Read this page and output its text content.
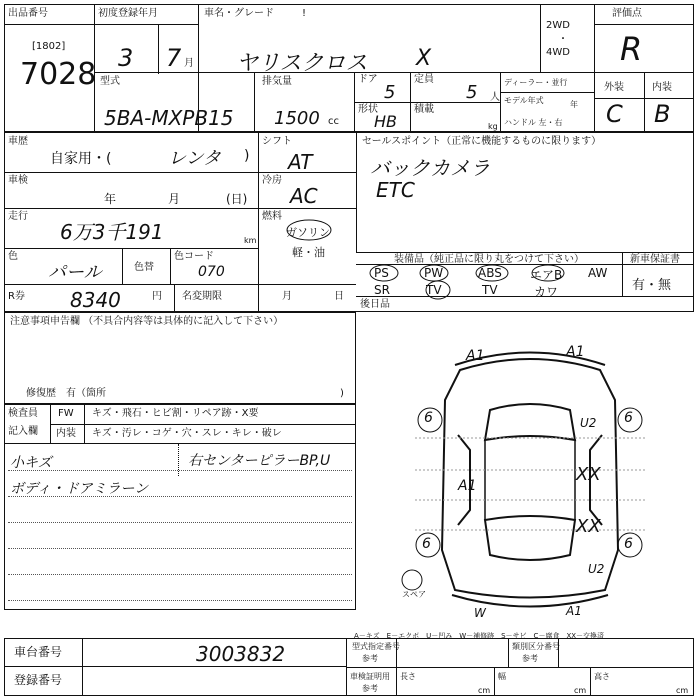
出品番号
[1802]
7028
初度登録年月
3 7 月
車名・グレード	!
ヤリスクロス X
2WD
・
4WD
評価点
R
型式
5BA-MXPB15
排気量
1500 cc
ドア
5
定員
5 人
形状
HB
積載
kg
ディーラー・並行
モデル年式	年
ハンドル 左・右
外装	内装
C B
車歴
自家用・(	レンタ )
シフト
AT
セールスポイント（正常に機能するものに限ります）
バックカメラ
ETC
車検
年	月	(日)
冷房
AC
走行
6万3千191	km
燃料
ガソリン
軽・油
色
パール	色替
色コード
070
装備品（純正品に限り丸をつけて下さい）	新車保証書
有・無
PS	PW	ABS エアB AW
SR	TV	TV	カワ
後日品
R券 8340	円 名変期限	月	日
注意事項申告欄 （不具合内容等は具体的に記入して下さい）
修復歴　有（箇所	)
検査員
記入欄
FW キズ・飛石・ヒビ割・リペア跡・X要
内装 キズ・汚レ・コゲ・穴・スレ・キレ・破レ
小キズ
ボディ・ドアミラーン
右センターピラーBP,U
A1	A1
U2
A1
XX
XX
U2
A1
W
6	6
6	6
スペア
A－キズ　E－エクボ　U－凹み　W－補修跡　S－サビ　C－腐食　XX－交換済
車台番号	3003832
登録番号
型式指定番号
参考
類別区分番号
参考
車検証明用
参考
長さ
cm
幅
cm
高さ
cm
